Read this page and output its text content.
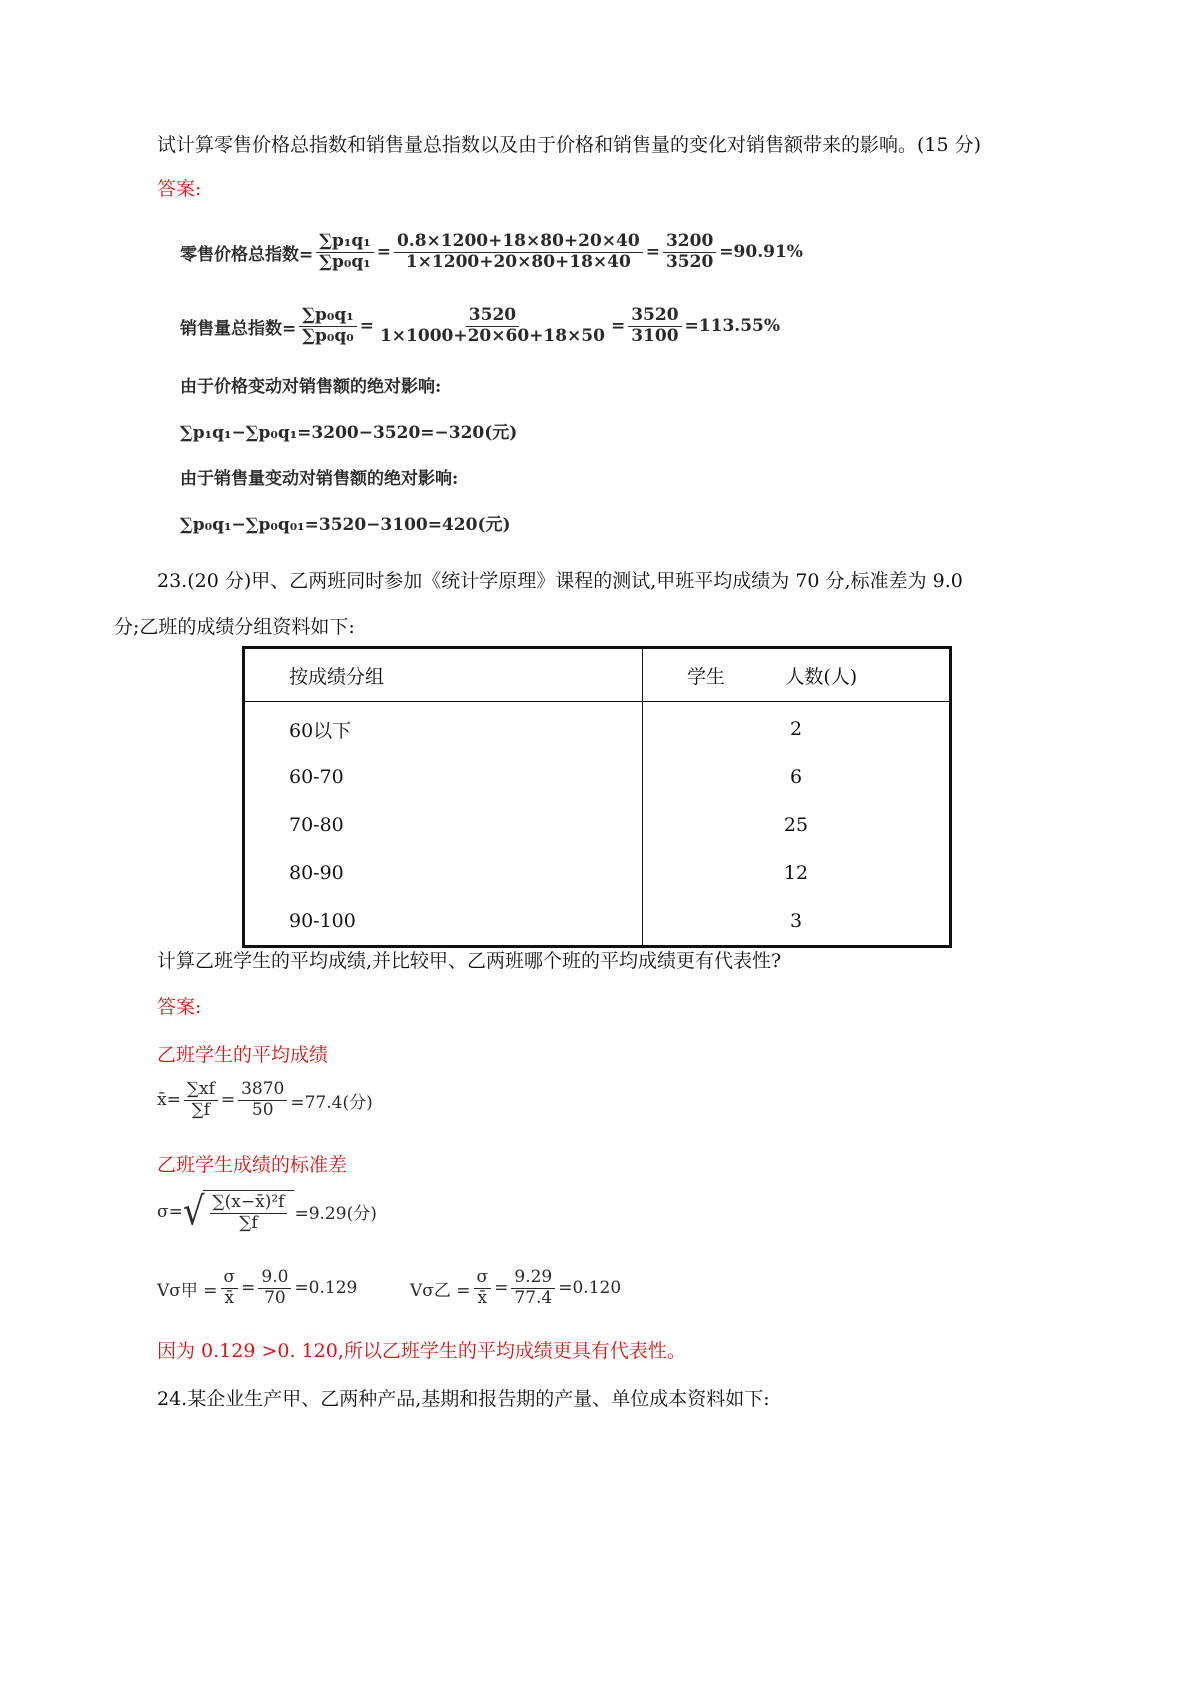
试计算零售价格总指数和销售量总指数以及由于价格和销售量的变化对销售额带来的影响。(15 分)
答案:
零售价格总指数= $\frac{\text{∑p₁q₁}}{\text{∑p₀q₁}} = \frac{0.8\times 1200+18\times 80+20\times 40}{1\times 1200+20\times 80+18\times 40} = \frac{3200}{3520} =90.91\%$
销售量总指数= $\frac{\text{∑p₀q₁}}{\text{∑p₀q₀}} = \frac{3520}{1\times 1000+20\times 60+18\times 50} = \frac{3520}{3100} =113.55\%$
由于价格变动对销售额的绝对影响:
∑p₁q₁−∑p₀q₁=3200−3520=−320(元)
由于销售量变动对销售额的绝对影响:
∑p₀q₁−∑p₀q₀₁=3520−3100=420(元)
23.(20 分)甲、乙两班同时参加《统计学原理》课程的测试,甲班平均成绩为 70 分,标准差为 9.0
分;乙班的成绩分组资料如下:
按成绩分组	学生          人数(人)
60以下	2
60-70	6
70-80	25
80-90	12
90-100	3
计算乙班学生的平均成绩,并比较甲、乙两班哪个班的平均成绩更有代表性?
答案:
乙班学生的平均成绩
x̄= $\frac{\sum xf}{\sum f} = \frac{3870}{50} =77.4$(分)
乙班学生成绩的标准差
σ= √ $\frac{\text{∑(x−x̄)²f}}{\sum f} =9.29$(分)
Vσ甲 = $\frac{\sigma}{x̄} = \frac{9.0}{70} =0.129$	Vσ乙 = $\frac{\sigma}{x̄} = \frac{9.29}{77.4} =0.120$
因为 0.129 >0. 120,所以乙班学生的平均成绩更具有代表性。
24.某企业生产甲、乙两种产品,基期和报告期的产量、单位成本资料如下:
